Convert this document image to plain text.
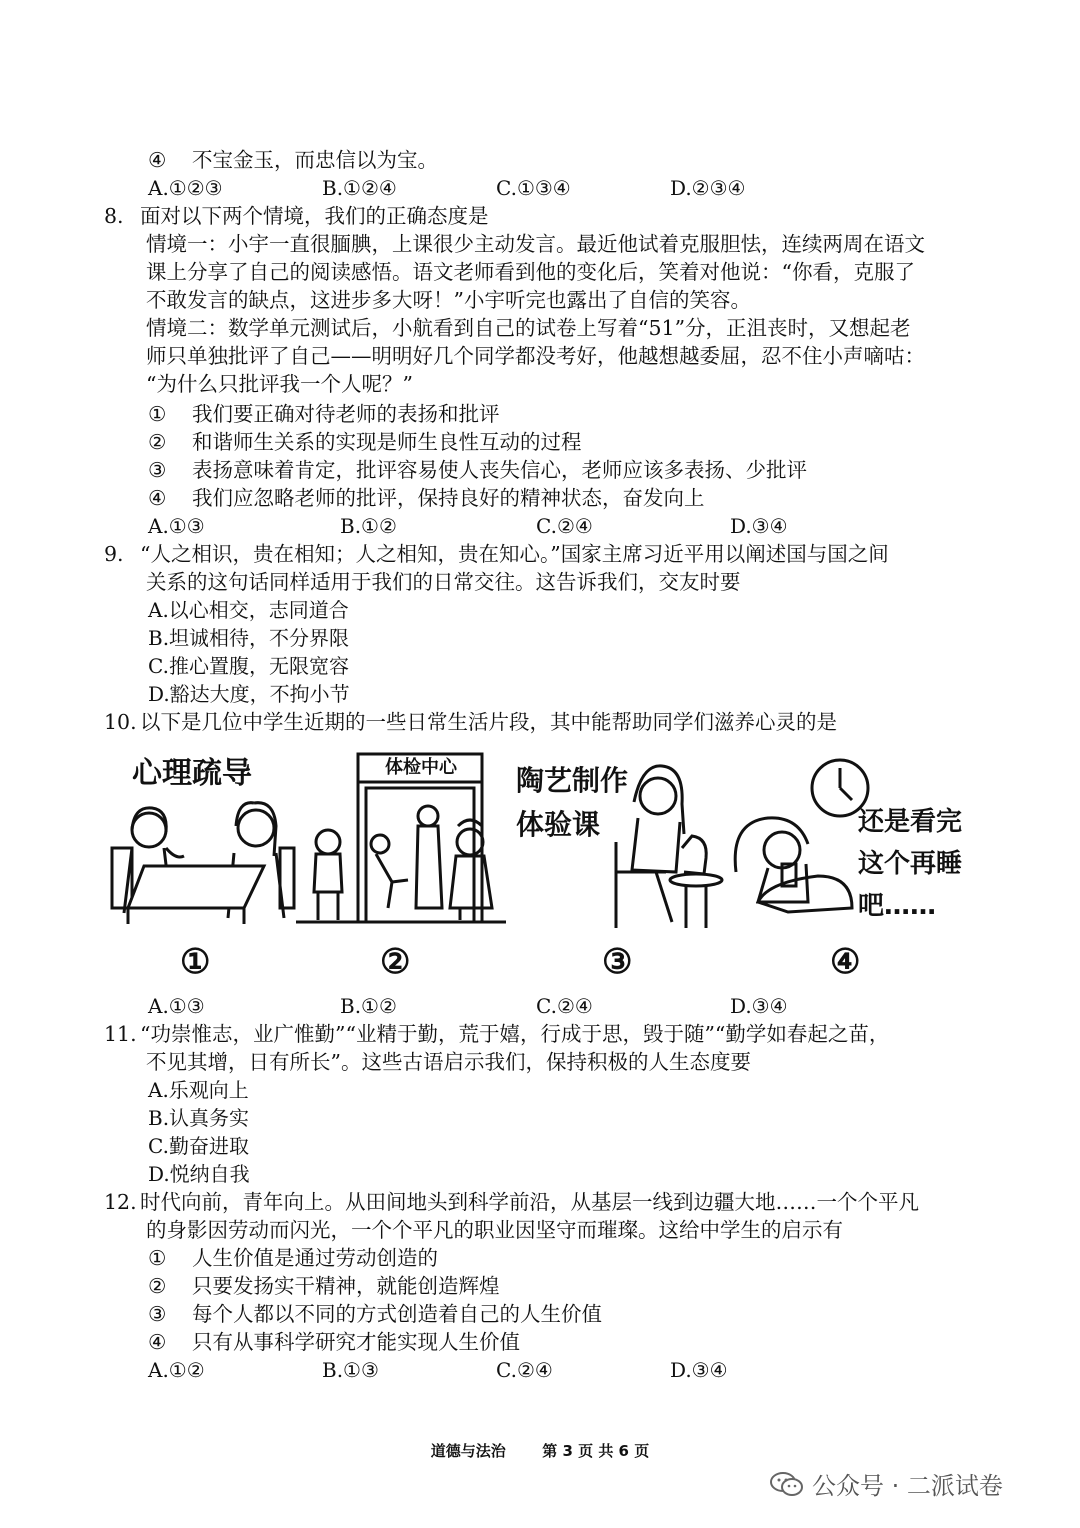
④ 不宝金玉，而忠信以为宝。
A.①②③	B.①②④	C.①③④	D.②③④
8. 面对以下两个情境，我们的正确态度是
情境一：小宇一直很腼腆，上课很少主动发言。最近他试着克服胆怯，连续两周在语文
课上分享了自己的阅读感悟。语文老师看到他的变化后，笑着对他说：“你看，克服了
不敢发言的缺点，这进步多大呀！”小宇听完也露出了自信的笑容。
情境二：数学单元测试后，小航看到自己的试卷上写着“51”分，正沮丧时，又想起老
师只单独批评了自己——明明好几个同学都没考好，他越想越委屈，忍不住小声嘀咕：
“为什么只批评我一个人呢？”
① 我们要正确对待老师的表扬和批评
② 和谐师生关系的实现是师生良性互动的过程
③ 表扬意味着肯定，批评容易使人丧失信心，老师应该多表扬、少批评
④ 我们应忽略老师的批评，保持良好的精神状态，奋发向上
A.①③	B.①②	C.②④	D.③④
9. “人之相识，贵在相知；人之相知，贵在知心。”国家主席习近平用以阐述国与国之间
关系的这句话同样适用于我们的日常交往。这告诉我们，交友时要
A.以心相交，志同道合
B.坦诚相待，不分界限
C.推心置腹，无限宽容
D.豁达大度，不拘小节
10. 以下是几位中学生近期的一些日常生活片段，其中能帮助同学们滋养心灵的是
心理疏导	体检中心	陶艺制作
体验课	还是看完
这个再睡
吧……
①	②	③	④
A.①③	B.①②	C.②④	D.③④
11. “功崇惟志，业广惟勤”“业精于勤，荒于嬉，行成于思，毁于随”“勤学如春起之苗，
不见其增，日有所长”。这些古语启示我们，保持积极的人生态度要
A.乐观向上
B.认真务实
C.勤奋进取
D.悦纳自我
12. 时代向前，青年向上。从田间地头到科学前沿，从基层一线到边疆大地……一个个平凡
的身影因劳动而闪光，一个个平凡的职业因坚守而璀璨。这给中学生的启示有
① 人生价值是通过劳动创造的
② 只要发扬实干精神，就能创造辉煌
③ 每个人都以不同的方式创造着自己的人生价值
④ 只有从事科学研究才能实现人生价值
A.①②	B.①③	C.②④	D.③④
道德与法治 第 3 页 共 6 页
公众号 · 二派试卷
